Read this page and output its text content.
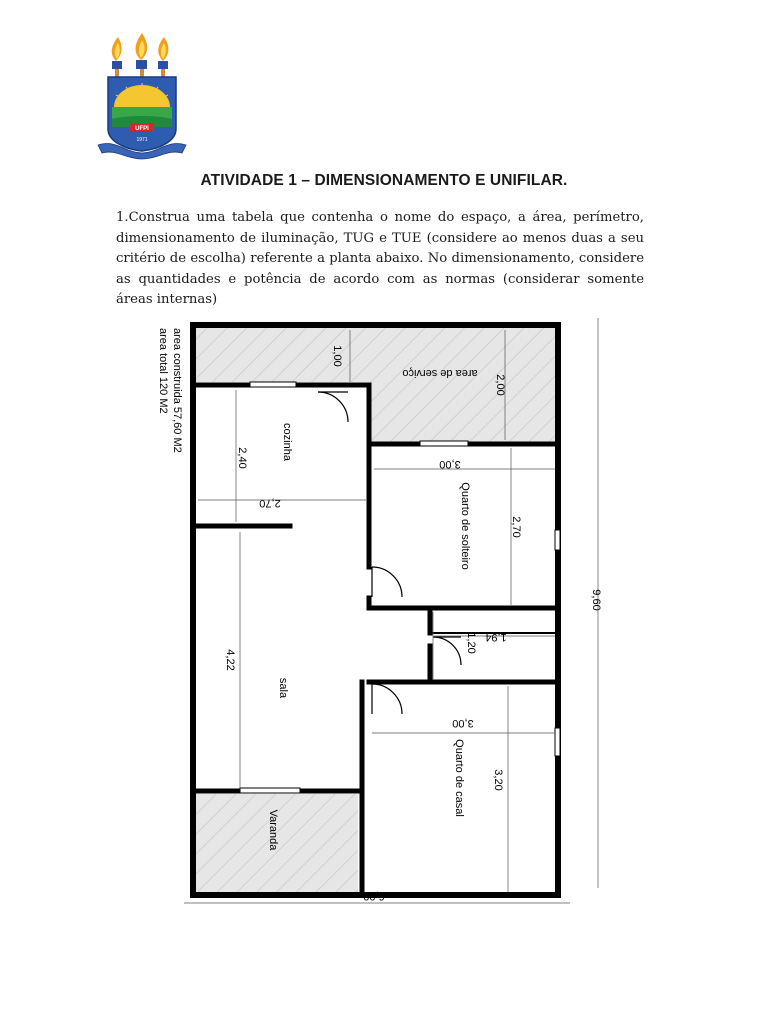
UFPI
1971
ATIVIDADE 1 – DIMENSIONAMENTO E UNIFILAR.
1.Construa uma tabela que contenha o nome do espaço, a área, perímetro, dimensionamento de iluminação, TUG e TUE (considere ao menos duas a seu critério de escolha) referente a planta abaixo. No dimensionamento, considere as quantidades e potência de acordo com as normas (considerar somente áreas internas)
area construida 57,60 M2
area total 120 M2	area de serviço
cozinha
sala
Varanda
Quarto de solteiro
Quarto de casal
1,00
2,00
2,40
2,70
3,00
2,70
4,22
1,94
1,20
3,00
3,20
9,60
6,00
